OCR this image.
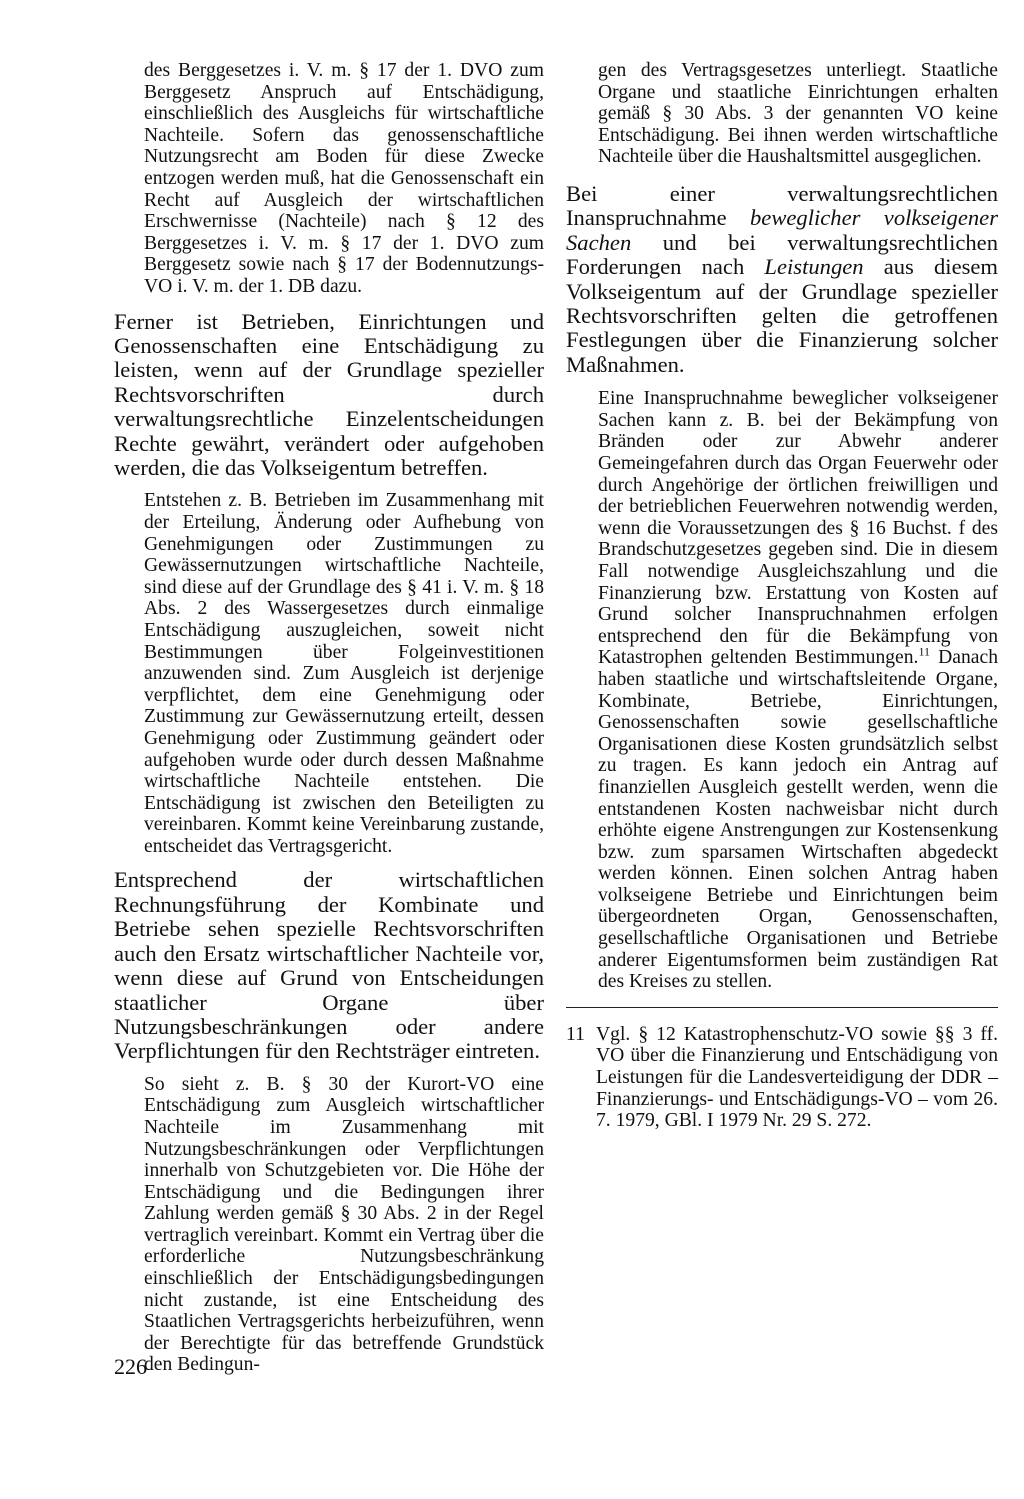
des Berggesetzes i. V. m. § 17 der 1. DVO zum Berggesetz Anspruch auf Entschädigung, einschließlich des Ausgleichs für wirtschaftliche Nachteile. Sofern das genossenschaftliche Nutzungsrecht am Boden für diese Zwecke entzogen werden muß, hat die Genossenschaft ein Recht auf Ausgleich der wirtschaftlichen Erschwernisse (Nachteile) nach § 12 des Berggesetzes i. V. m. § 17 der 1. DVO zum Berggesetz sowie nach § 17 der Bodennutzungs-VO i. V. m. der 1. DB dazu.

Ferner ist Betrieben, Einrichtungen und Genossenschaften eine Entschädigung zu leisten, wenn auf der Grundlage spezieller Rechtsvorschriften durch verwaltungsrechtliche Einzelentscheidungen Rechte gewährt, verändert oder aufgehoben werden, die das Volkseigentum betreffen.

Entstehen z. B. Betrieben im Zusammenhang mit der Erteilung, Änderung oder Aufhebung von Genehmigungen oder Zustimmungen zu Gewässernutzungen wirtschaftliche Nachteile, sind diese auf der Grundlage des § 41 i. V. m. § 18 Abs. 2 des Wassergesetzes durch einmalige Entschädigung auszugleichen, soweit nicht Bestimmungen über Folgeinvestitionen anzuwenden sind. Zum Ausgleich ist derjenige verpflichtet, dem eine Genehmigung oder Zustimmung zur Gewässernutzung erteilt, dessen Genehmigung oder Zustimmung geändert oder aufgehoben wurde oder durch dessen Maßnahme wirtschaftliche Nachteile entstehen. Die Entschädigung ist zwischen den Beteiligten zu vereinbaren. Kommt keine Vereinbarung zustande, entscheidet das Vertragsgericht.

Entsprechend der wirtschaftlichen Rechnungsführung der Kombinate und Betriebe sehen spezielle Rechtsvorschriften auch den Ersatz wirtschaftlicher Nachteile vor, wenn diese auf Grund von Entscheidungen staatlicher Organe über Nutzungsbeschränkungen oder andere Verpflichtungen für den Rechtsträger eintreten.

So sieht z. B. § 30 der Kurort-VO eine Entschädigung zum Ausgleich wirtschaftlicher Nachteile im Zusammenhang mit Nutzungsbeschränkungen oder Verpflichtungen innerhalb von Schutzgebieten vor. Die Höhe der Entschädigung und die Bedingungen ihrer Zahlung werden gemäß § 30 Abs. 2 in der Regel vertraglich vereinbart. Kommt ein Vertrag über die erforderliche Nutzungsbeschränkung einschließlich der Entschädigungsbedingungen nicht zustande, ist eine Entscheidung des Staatlichen Vertragsgerichts herbeizuführen, wenn der Berechtigte für das betreffende Grundstück den Bedingun-

gen des Vertragsgesetzes unterliegt. Staatliche Organe und staatliche Einrichtungen erhalten gemäß § 30 Abs. 3 der genannten VO keine Entschädigung. Bei ihnen werden wirtschaftliche Nachteile über die Haushaltsmittel ausgeglichen.

Bei einer verwaltungsrechtlichen Inanspruchnahme beweglicher volkseigener Sachen und bei verwaltungsrechtlichen Forderungen nach Leistungen aus diesem Volkseigentum auf der Grundlage spezieller Rechtsvorschriften gelten die getroffenen Festlegungen über die Finanzierung solcher Maßnahmen.

Eine Inanspruchnahme beweglicher volkseigener Sachen kann z. B. bei der Bekämpfung von Bränden oder zur Abwehr anderer Gemeingefahren durch das Organ Feuerwehr oder durch Angehörige der örtlichen freiwilligen und der betrieblichen Feuerwehren notwendig werden, wenn die Voraussetzungen des § 16 Buchst. f des Brandschutzgesetzes gegeben sind. Die in diesem Fall notwendige Ausgleichszahlung und die Finanzierung bzw. Erstattung von Kosten auf Grund solcher Inanspruchnahmen erfolgen entsprechend den für die Bekämpfung von Katastrophen geltenden Bestimmungen.$^{11}$ Danach haben staatliche und wirtschaftsleitende Organe, Kombinate, Betriebe, Einrichtungen, Genossenschaften sowie gesellschaftliche Organisationen diese Kosten grundsätzlich selbst zu tragen. Es kann jedoch ein Antrag auf finanziellen Ausgleich gestellt werden, wenn die entstandenen Kosten nachweisbar nicht durch erhöhte eigene Anstrengungen zur Kostensenkung bzw. zum sparsamen Wirtschaften abgedeckt werden können. Einen solchen Antrag haben volkseigene Betriebe und Einrichtungen beim übergeordneten Organ, Genossenschaften, gesellschaftliche Organisationen und Betriebe anderer Eigentumsformen beim zuständigen Rat des Kreises zu stellen.

11 Vgl. § 12 Katastrophenschutz-VO sowie §§ 3 ff. VO über die Finanzierung und Entschädigung von Leistungen für die Landesverteidigung der DDR – Finanzierungs- und Entschädigungs-VO – vom 26. 7. 1979, GBl. I 1979 Nr. 29 S. 272.
226
